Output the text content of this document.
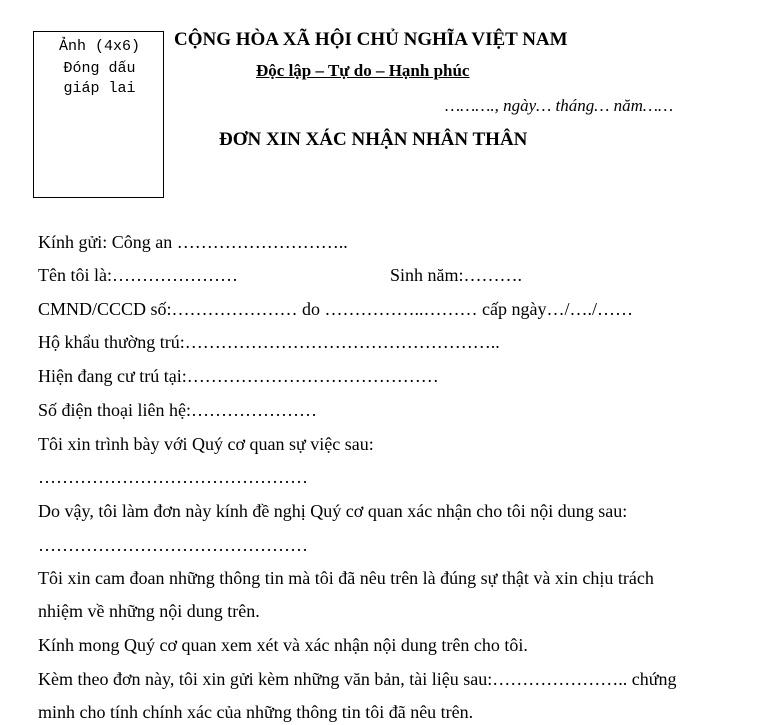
Ảnh (4x6)
Đóng dấu
giáp lai
CỘNG HÒA XÃ HỘI CHỦ NGHĨA VIỆT NAM
Độc lập – Tự do – Hạnh phúc
………., ngày… tháng… năm……
ĐƠN XIN XÁC NHẬN NHÂN THÂN
Kính gửi: Công an ………………………..
Tên tôi là:…………………	Sinh năm:……….
CMND/CCCD số:………………… do ……………..……… cấp ngày…/…./……
Hộ khẩu thường trú:……………………………………………..
Hiện đang cư trú tại:……………………………………
Số điện thoại liên hệ:…………………
Tôi xin trình bày với Quý cơ quan sự việc sau:
………………………………………
Do vậy, tôi làm đơn này kính đề nghị Quý cơ quan xác nhận cho tôi nội dung sau:
………………………………………
Tôi xin cam đoan những thông tin mà tôi đã nêu trên là đúng sự thật và xin chịu trách
nhiệm về những nội dung trên.
Kính mong Quý cơ quan xem xét và xác nhận nội dung trên cho tôi.
Kèm theo đơn này, tôi xin gửi kèm những văn bản, tài liệu sau:………………….. chứng
minh cho tính chính xác của những thông tin tôi đã nêu trên.
